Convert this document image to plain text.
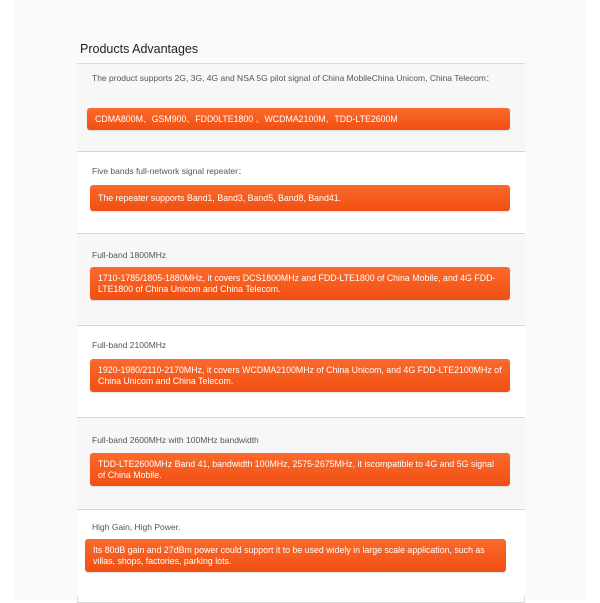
Products Advantages
The product supports 2G, 3G, 4G and NSA 5G pilot signal of China MobileChina Unicom, China Telecom：
CDMA800M、GSM900、FDD0LTE1800 、WCDMA2100M、TDD-LTE2600M
Five bands full-network signal repeater：
The repeater supports Band1, Band3, Band5, Band8, Band41.
Full-band 1800MHz
1710-1785/1805-1880MHz, it covers DCS1800MHz and FDD-LTE1800 of China Mobile, and 4G FDD-LTE1800 of China Unicom and China Telecom.
Full-band 2100MHz
1920-1980/2110-2170MHz, it covers WCDMA2100MHz of China Unicom, and 4G FDD-LTE2100MHz of China Unicom and China Telecom.
Full-band 2600MHz with 100MHz bandwidth
TDD-LTE2600MHz Band 41, bandwidth 100MHz, 2575-2675MHz, it iscompatible to 4G and 5G signal of China Mobile.
High Gain, High Power.
Its 80dB gain and 27dBm power could support it to be used widely in large scale application, such as villas, shops, factories, parking lots.
